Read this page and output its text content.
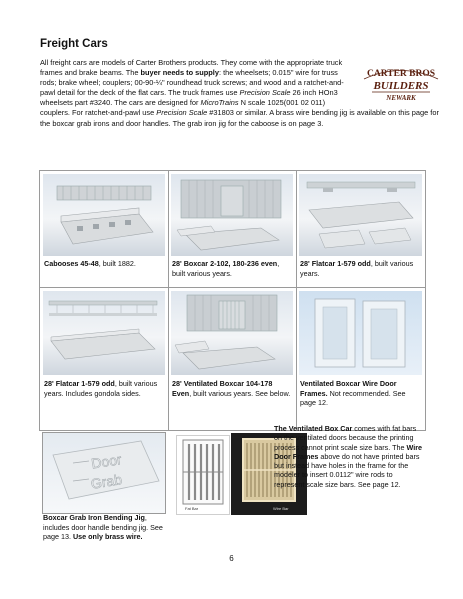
Freight Cars
CARTER BROS
BUILDERS
NEWARK
All freight cars are models of Carter Brothers products. They come with the appropriate truck frames and brake beams. The buyer needs to supply: the wheelsets; 0.015" wire for truss rods; brake wheel; couplers; 00-90-¼" roundhead truck screws; and wood and a ratchet-and-pawl detail for the deck of the flat cars. The truck frames use Precision Scale 26 inch HOn3 wheelsets part #3240. The cars are designed for MicroTrains N scale 1025(001 02 011) couplers. For ratchet-and-pawl use Precision Scale #31803 or similar. A brass wire bending jig is available on this page for the boxcar grab irons and door handles. The grab iron jig for the caboose is on page 3.
Cabooses 45-48, built 1882.	28' Boxcar 2-102, 180-236 even, built various years.
28' Flatcar 1-579 odd, built various years.
28' Flatcar 1-579 odd, built various years. Includes gondola sides.
28' Ventilated Boxcar 104-178 Even, built various years. See below.
Ventilated Boxcar Wire Door Frames. Not recommended. See page 12.
Door
Grab
Boxcar Grab Iron Bending Jig, includes door handle bending jig. See page 13. Use only brass wire.
Fat Bar	Wire Bar
The Ventilated Box Car comes with fat bars on the ventilated doors because the printing process cannot print scale size bars. The Wire Door Frames above do not have printed bars but instead have holes in the frame for the modeler to insert 0.0112" wire rods to represent scale size bars. See page 12.
6
